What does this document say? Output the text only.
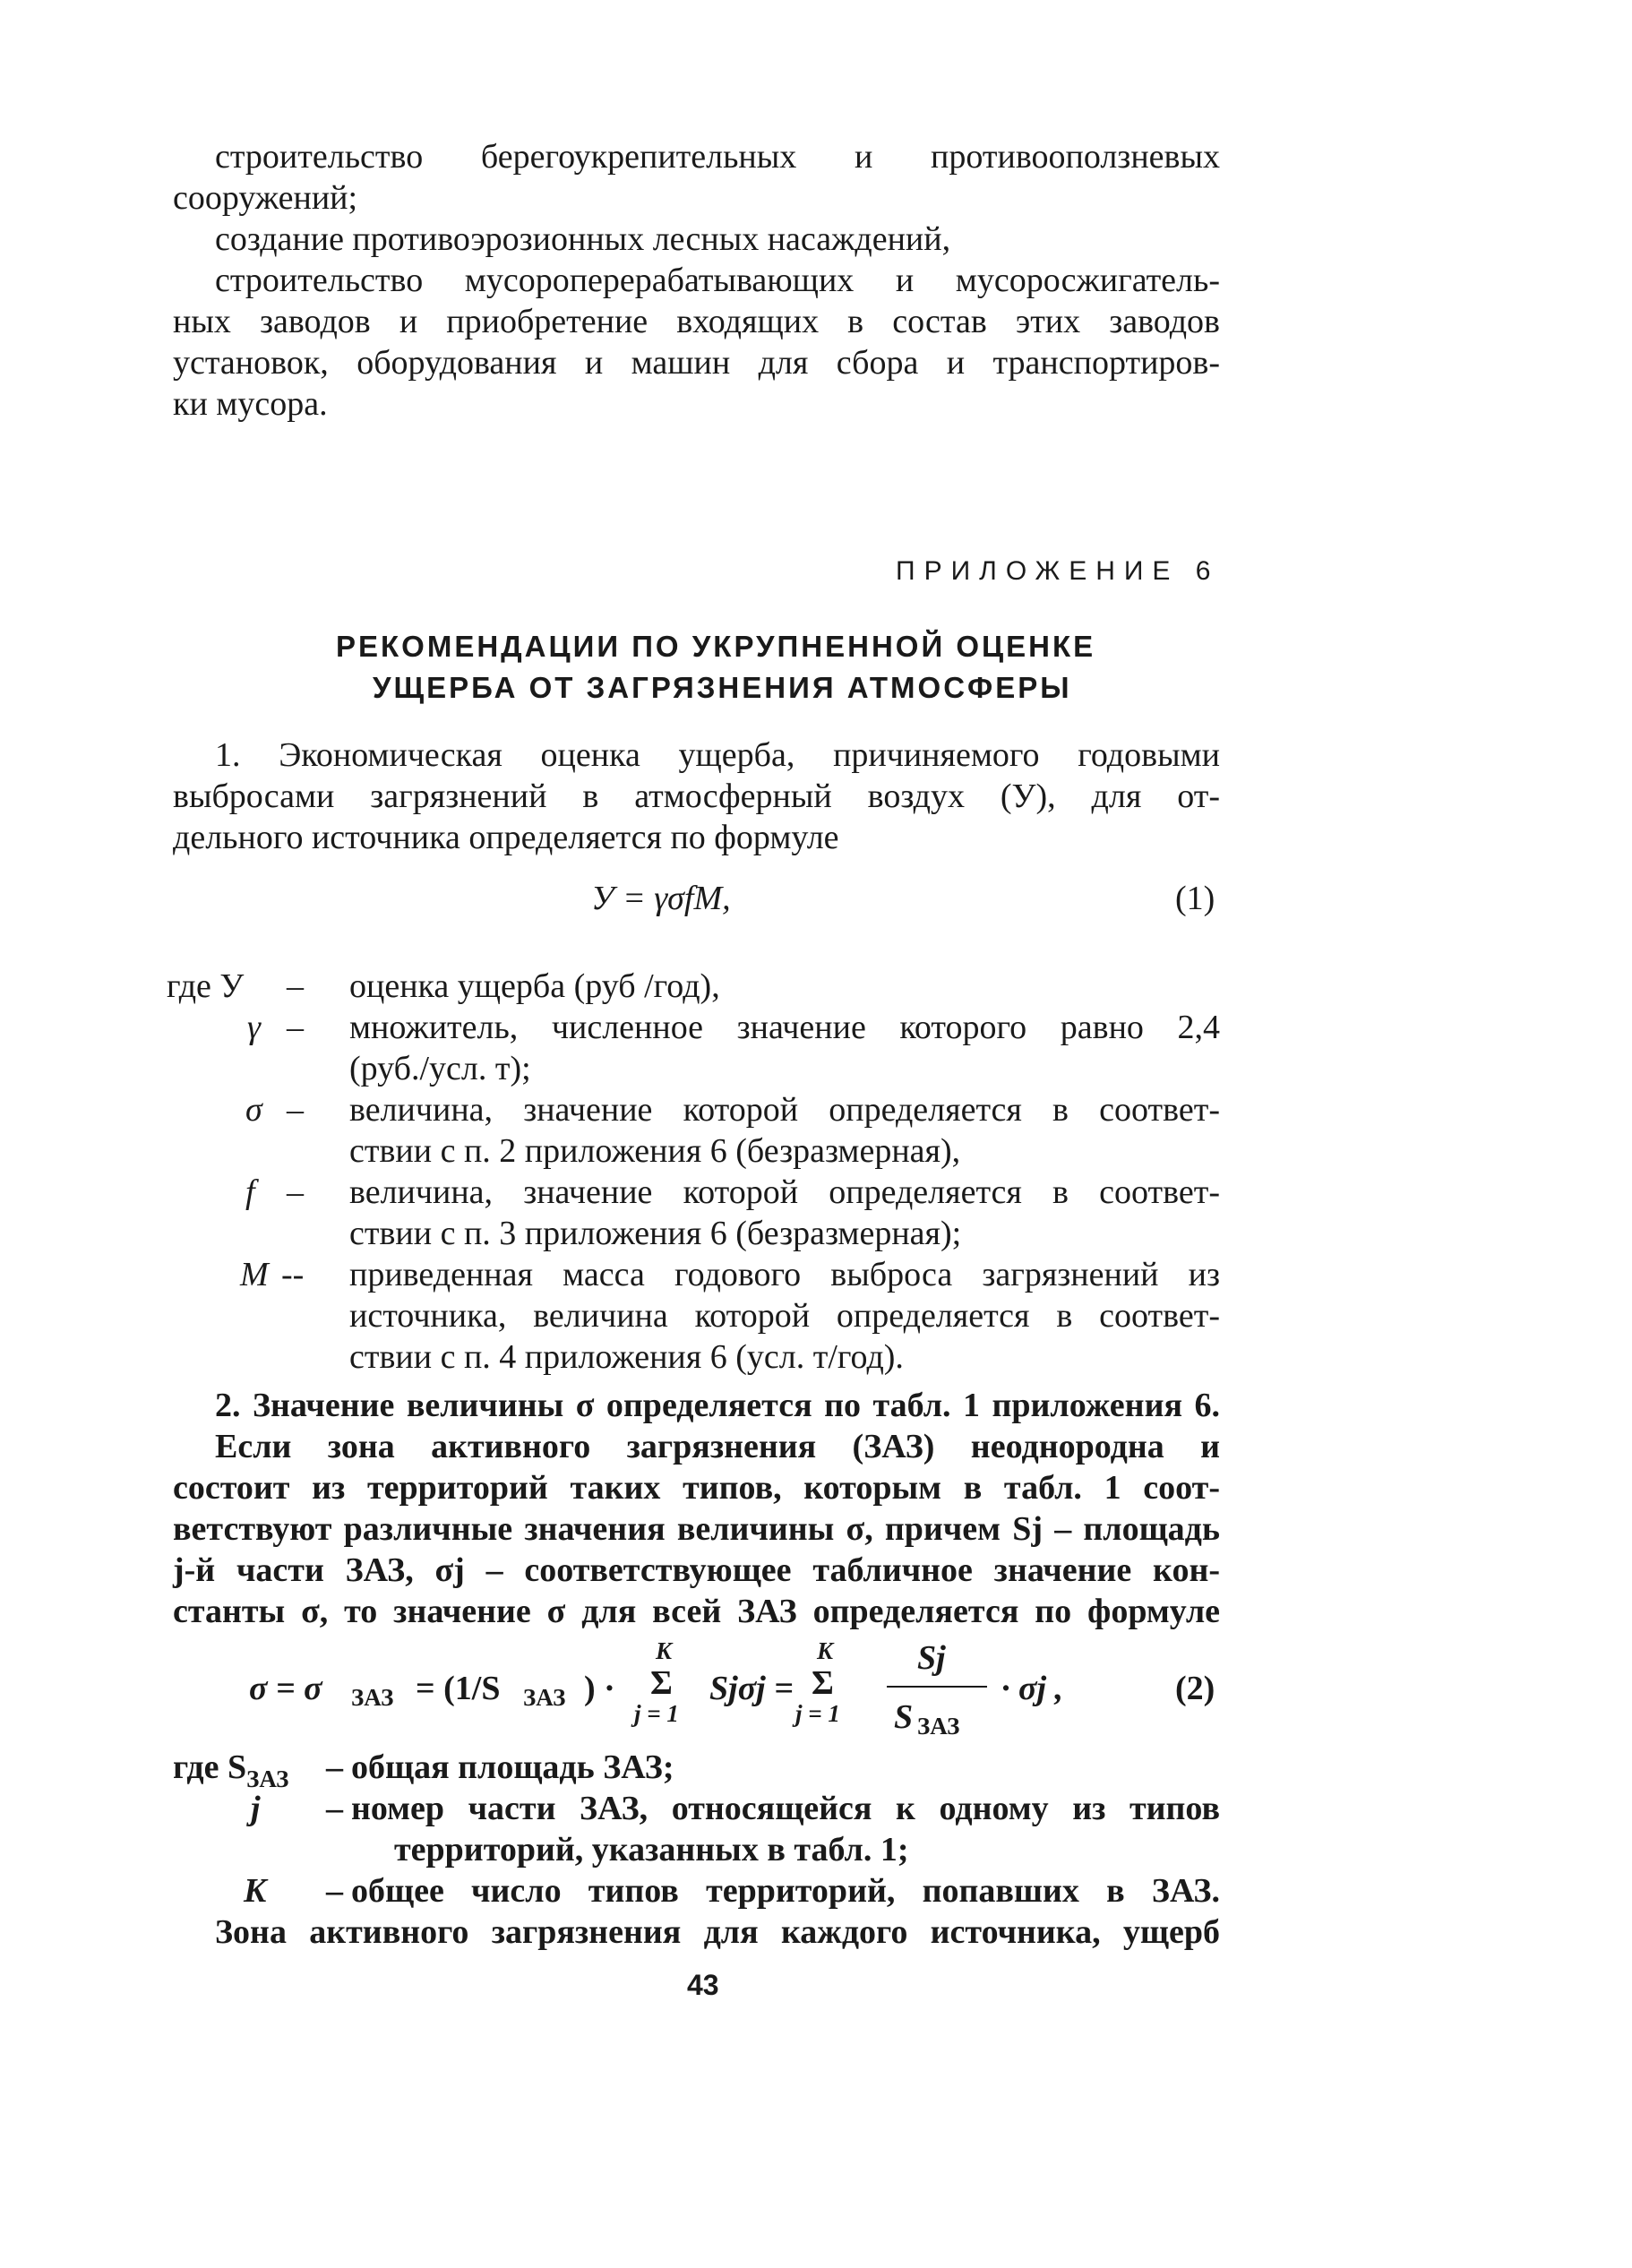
строительство берегоукрепительных и противооползневых
сооружений;
создание противоэрозионных лесных насаждений,
строительство мусороперерабатывающих и мусоросжигатель-
ных заводов и приобретение входящих в состав этих заводов
установок, оборудования и машин для сбора и транспортиров-
ки мусора.
ПРИЛОЖЕНИЕ 6
РЕКОМЕНДАЦИИ ПО УКРУПНЕННОЙ ОЦЕНКЕ
УЩЕРБА ОТ ЗАГРЯЗНЕНИЯ АТМОСФЕРЫ
1. Экономическая оценка ущерба, причиняемого годовыми
выбросами загрязнений в атмосферный воздух (У), для от-
дельного источника определяется по формуле
У = γσfM,	(1)
где У – оценка ущерба (руб /год),
γ – множитель, численное значение которого равно 2,4
(руб./усл. т);
σ – величина, значение которой определяется в соответ-
ствии с п. 2 приложения 6 (безразмерная),
f – величина, значение которой определяется в соответ-
ствии с п. 3 приложения 6 (безразмерная);
M -- приведенная масса годового выброса загрязнений из
источника, величина которой определяется в соответ-
ствии с п. 4 приложения 6 (усл. т/год).
2. Значение величины σ определяется по табл. 1 приложения 6.
Если зона активного загрязнения (ЗАЗ) неоднородна и
состоит из территорий таких типов, которым в табл. 1 соот-
ветствуют различные значения величины σ, причем Sj – площадь
j-й части ЗАЗ, σj – соответствующее табличное значение кон-
станты σ, то значение σ для всей ЗАЗ определяется по формуле
σ = σ ЗАЗ = (1/S ЗАЗ ) ·
K
Σ
j = 1
Sjσj =
K
Σ
j = 1
Sj
S ЗАЗ
· σj ,	(2)
где $S_{ЗАЗ}$ – общая площадь ЗАЗ;
j – номер части ЗАЗ, относящейся к одному из типов
территорий, указанных в табл. 1;
K – общее число типов территорий, попавших в ЗАЗ.
Зона активного загрязнения для каждого источника, ущерб
43
